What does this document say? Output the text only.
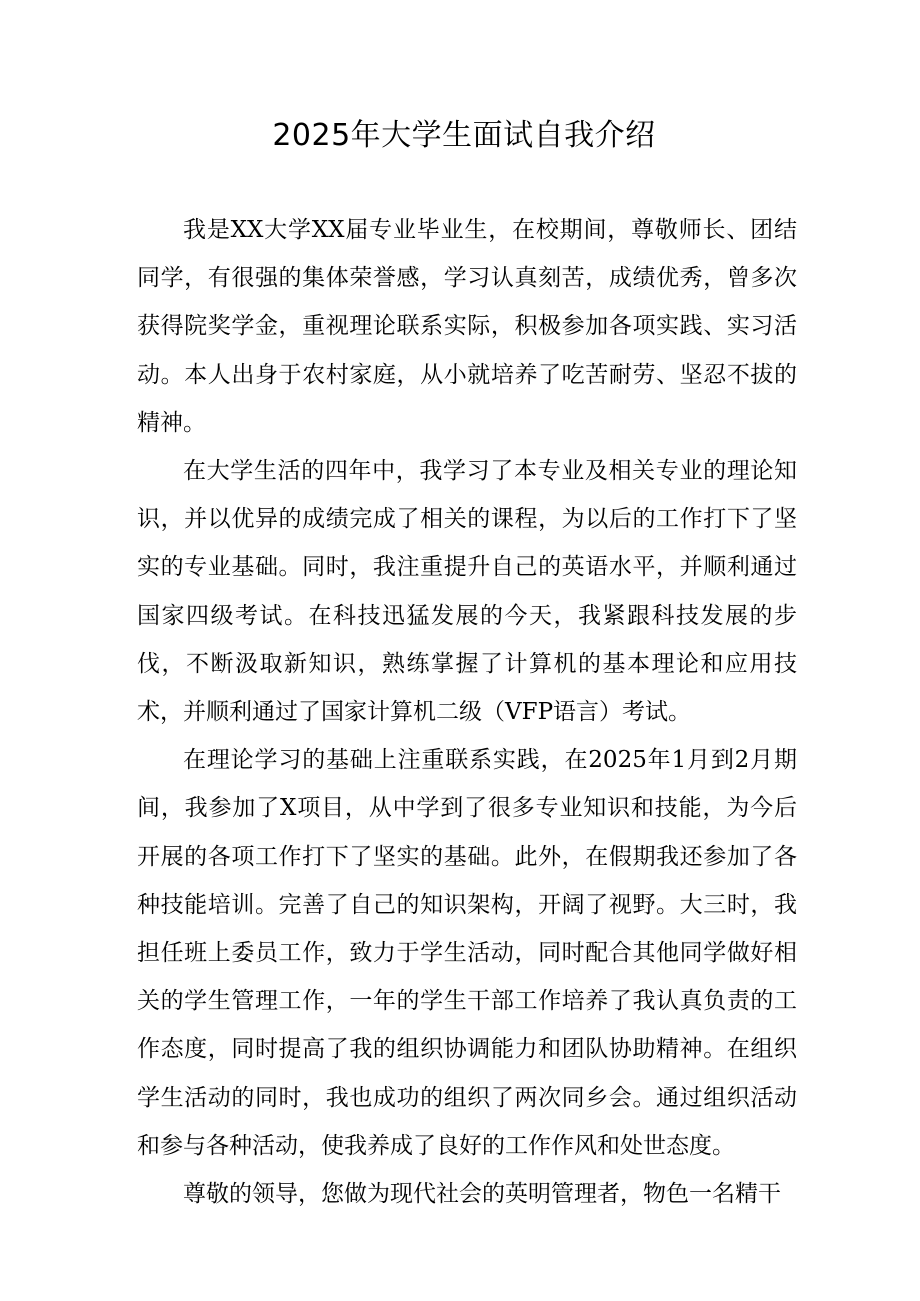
2025年大学生面试自我介绍

我是XX大学XX届专业毕业生，在校期间，尊敬师长、团结同学，有很强的集体荣誉感，学习认真刻苦，成绩优秀，曾多次获得院奖学金，重视理论联系实际，积极参加各项实践、实习活动。本人出身于农村家庭，从小就培养了吃苦耐劳、坚忍不拔的精神。

在大学生活的四年中，我学习了本专业及相关专业的理论知识，并以优异的成绩完成了相关的课程，为以后的工作打下了坚实的专业基础。同时，我注重提升自己的英语水平，并顺利通过国家四级考试。在科技迅猛发展的今天，我紧跟科技发展的步伐，不断汲取新知识，熟练掌握了计算机的基本理论和应用技术，并顺利通过了国家计算机二级（VFP语言）考试。

在理论学习的基础上注重联系实践，在2025年1月到2月期间，我参加了X项目，从中学到了很多专业知识和技能，为今后开展的各项工作打下了坚实的基础。此外，在假期我还参加了各种技能培训。完善了自己的知识架构，开阔了视野。大三时，我担任班上委员工作，致力于学生活动，同时配合其他同学做好相关的学生管理工作，一年的学生干部工作培养了我认真负责的工作态度，同时提高了我的组织协调能力和团队协助精神。在组织学生活动的同时，我也成功的组织了两次同乡会。通过组织活动和参与各种活动，使我养成了良好的工作作风和处世态度。

尊敬的领导，您做为现代社会的英明管理者，物色一名精干
